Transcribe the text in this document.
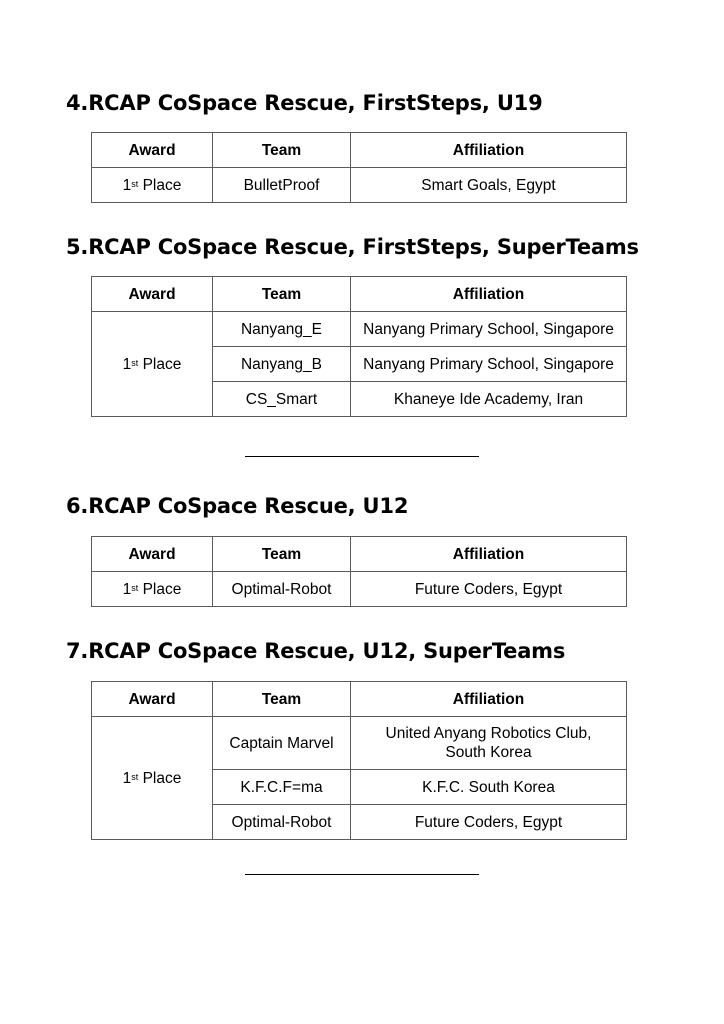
4.RCAP CoSpace Rescue, FirstSteps, U19
Award	Team	Affiliation
1st Place	BulletProof	Smart Goals, Egypt
5.RCAP CoSpace Rescue, FirstSteps, SuperTeams
Award	Team	Affiliation
1st Place	Nanyang_E	Nanyang Primary School, Singapore
	Nanyang_B	Nanyang Primary School, Singapore
	CS_Smart	Khaneye Ide Academy, Iran
6.RCAP CoSpace Rescue, U12
Award	Team	Affiliation
1st Place	Optimal-Robot	Future Coders, Egypt
7.RCAP CoSpace Rescue, U12, SuperTeams
Award	Team	Affiliation
1st Place	Captain Marvel	United Anyang Robotics Club,
South Korea
	K.F.C.F=ma	K.F.C. South Korea
	Optimal-Robot	Future Coders, Egypt
